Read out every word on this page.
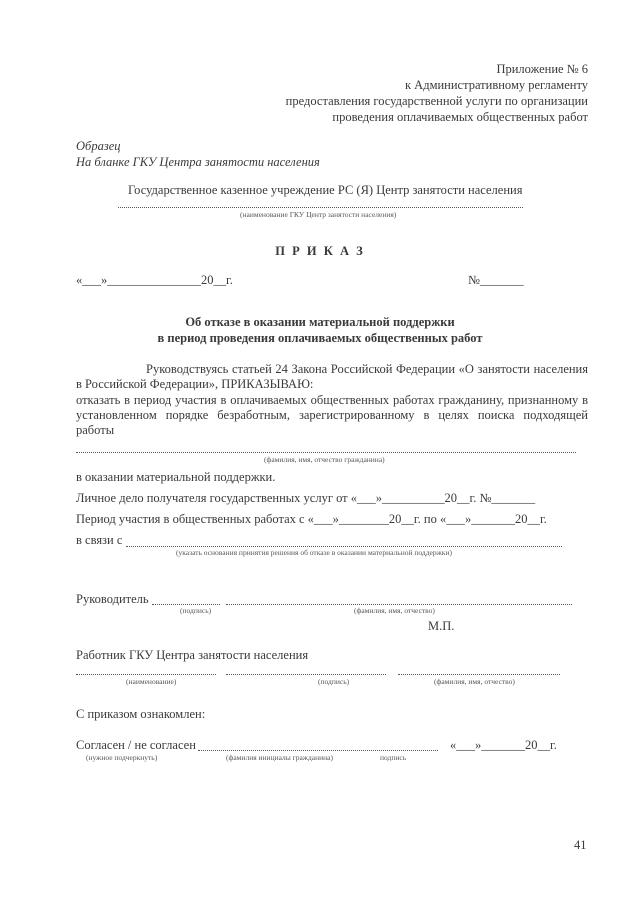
Приложение № 6
к Административному регламенту
предоставления государственной услуги по организации
проведения оплачиваемых общественных работ
Образец
На бланке ГКУ Центра занятости населения
Государственное казенное учреждение РС (Я) Центр занятости населения
(наименование ГКУ Центр занятости населения)
П Р И К А З
«___»_______________20__г.	№_______
Об отказе в оказании материальной поддержки
в период проведения оплачиваемых общественных работ
Руководствуясь статьей 24 Закона Российской Федерации «О занятости населения в Российской Федерации», ПРИКАЗЫВАЮ:
отказать в период участия в оплачиваемых общественных работах гражданину, признанному в установленном порядке безработным, зарегистрированному в целях поиска подходящей работы
(фамилия, имя, отчество гражданина)
в оказании материальной поддержки.
Личное дело получателя государственных услуг от «___»__________20__г. №_______
Период участия в общественных работах с «___»________20__г. по «___»_______20__г.
в связи с
(указать основания принятия решения об отказе в оказании материальной поддержки)
Руководитель
(подпись)	(фамилия, имя, отчество)
М.П.
Работник ГКУ Центра занятости населения
(наименование)	(подпись)	(фамилия, имя, отчество)
С приказом ознакомлен:
Согласен / не согласен	«___»_______20__г.
(нужное подчеркнуть)	(фамилия инициалы гражданина)	подпись
41
